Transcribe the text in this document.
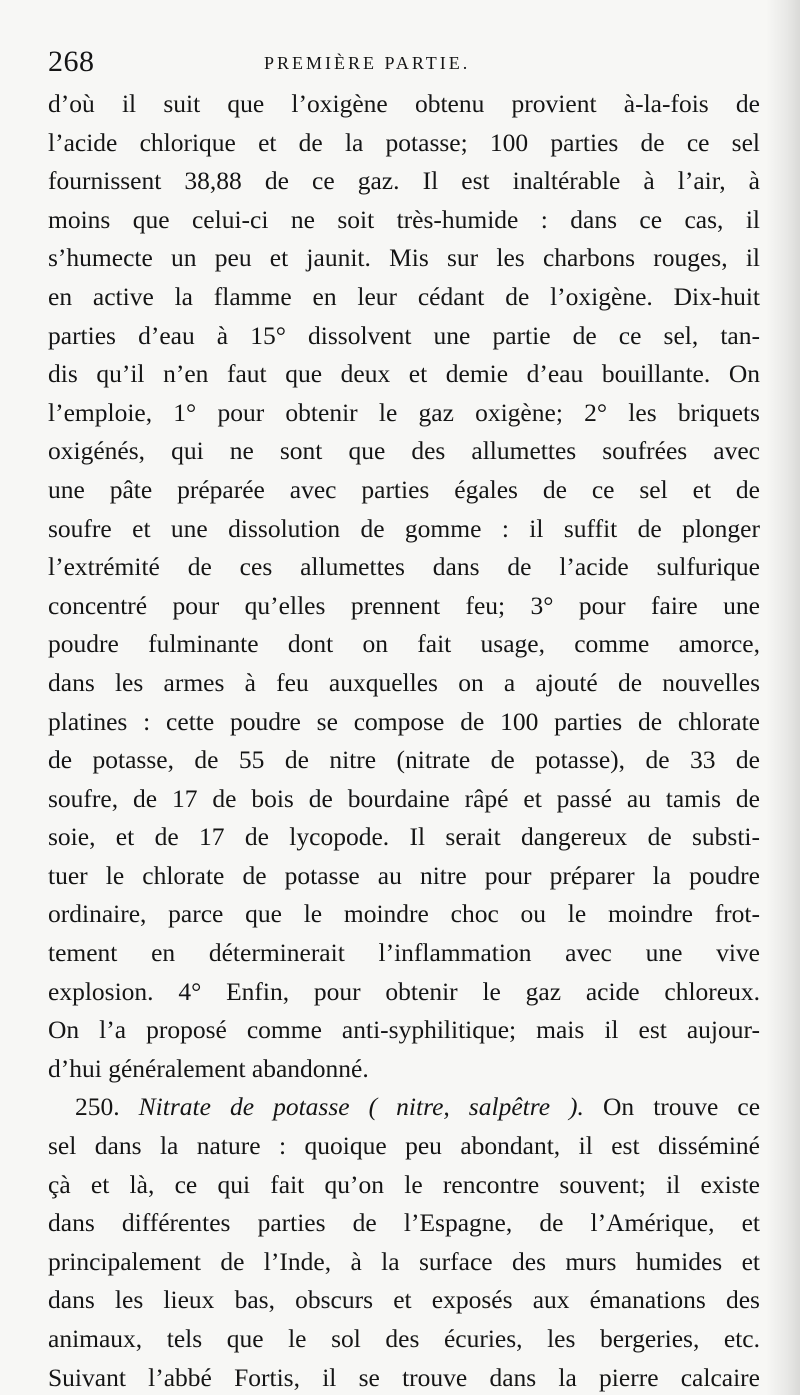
268	PREMIÈRE PARTIE.
d’où il suit que l’oxigène obtenu provient à-la-fois de
l’acide chlorique et de la potasse; 100 parties de ce sel
fournissent 38,88 de ce gaz. Il est inaltérable à l’air, à
moins que celui-ci ne soit très-humide : dans ce cas, il
s’humecte un peu et jaunit. Mis sur les charbons rouges, il
en active la flamme en leur cédant de l’oxigène. Dix-huit
parties d’eau à 15° dissolvent une partie de ce sel, tan-
dis qu’il n’en faut que deux et demie d’eau bouillante. On
l’emploie, 1° pour obtenir le gaz oxigène; 2° les briquets
oxigénés, qui ne sont que des allumettes soufrées avec
une pâte préparée avec parties égales de ce sel et de
soufre et une dissolution de gomme : il suffit de plonger
l’extrémité de ces allumettes dans de l’acide sulfurique
concentré pour qu’elles prennent feu; 3° pour faire une
poudre fulminante dont on fait usage, comme amorce,
dans les armes à feu auxquelles on a ajouté de nouvelles
platines : cette poudre se compose de 100 parties de chlorate
de potasse, de 55 de nitre (nitrate de potasse), de 33 de
soufre, de 17 de bois de bourdaine râpé et passé au tamis de
soie, et de 17 de lycopode. Il serait dangereux de substi-
tuer le chlorate de potasse au nitre pour préparer la poudre
ordinaire, parce que le moindre choc ou le moindre frot-
tement en déterminerait l’inflammation avec une vive
explosion. 4° Enfin, pour obtenir le gaz acide chloreux.
On l’a proposé comme anti-syphilitique; mais il est aujour-
d’hui généralement abandonné.
250. Nitrate de potasse ( nitre, salpêtre ). On trouve ce
sel dans la nature : quoique peu abondant, il est disséminé
çà et là, ce qui fait qu’on le rencontre souvent; il existe
dans différentes parties de l’Espagne, de l’Amérique, et
principalement de l’Inde, à la surface des murs humides et
dans les lieux bas, obscurs et exposés aux émanations des
animaux, tels que le sol des écuries, les bergeries, etc.
Suivant l’abbé Fortis, il se trouve dans la pierre calcaire
